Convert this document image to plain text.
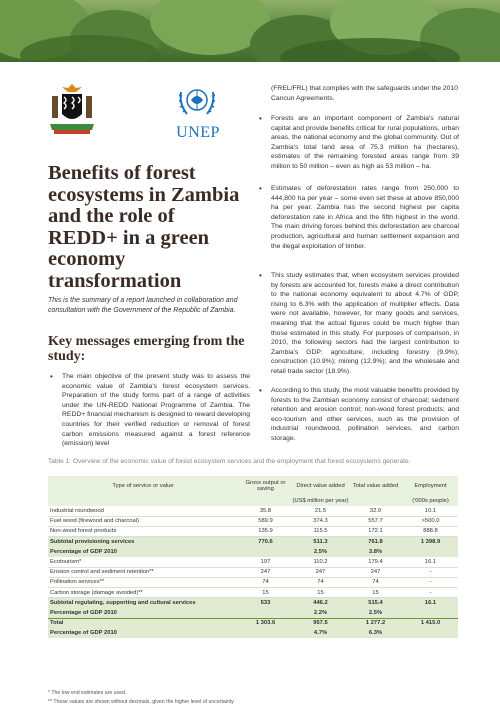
UNEP
Benefits of forest ecosystems in Zambia and the role of REDD+ in a green economy transformation
This is the summary of a report launched in collaboration and consultation with the Government of the Republic of Zambia.
Key messages emerging from the study:
• The main objective of the present study was to assess the economic value of Zambia's forest ecosystem services. Preparation of the study forms part of a range of activities under the UN-REDD National Programme of Zambia. The REDD+ financial mechanism is designed to reward developing countries for their verified reduction or removal of forest carbon emissions measured against a forest reference (emission) level
(FREL/FRL) that complies with the safeguards under the 2010 Cancun Agreements.
• Forests are an important component of Zambia's natural capital and provide benefits critical for rural populations, urban areas, the national economy and the global community. Out of Zambia's total land area of 75.3 million ha (hectares), estimates of the remaining forested areas range from 39 million to 50 million – even as high as 53 million – ha.
• Estimates of deforestation rates range from 250,000 to 444,800 ha per year – some even set these at above 850,000 ha per year. Zambia has the second highest per capita deforestation rate in Africa and the fifth highest in the world. The main driving forces behind this deforestation are charcoal production, agricultural and human settlement expansion and the illegal exploitation of timber.
• This study estimates that, when ecosystem services provided by forests are accounted for, forests make a direct contribution to the national economy equivalent to about 4.7% of GDP, rising to 6.3% with the application of multiplier effects. Data were not available, however, for many goods and services, meaning that the actual figures could be much higher than those estimated in this study. For purposes of comparison, in 2010, the following sectors had the largest contribution to Zambia's GDP: agriculture, including forestry (9.9%); construction (10.9%); mining (12.9%); and the wholesale and retail trade sector (18.9%).
• According to this study, the most valuable benefits provided by forests to the Zambian economy consist of charcoal; sediment retention and erosion control; non-wood forest products; and eco-tourism and other services, such as the provision of industrial roundwood, pollination services, and carbon storage.
Table 1: Overview of the economic value of forest ecosystem services and the employment that forest ecosystems generate.
Type of service or value	Gross output or saving	Direct value added	Total value added	Employment
	(US$ million per year)			('000s people)
Industrial roundwood	35.8	21.5	32.0	10.1
Fuel wood (firewood and charcoal)	589.9	374.3	557.7	>500.0
Non-wood forest products	135.9	115.5	172.1	888.8
Subtotal provisioning services	770.6	511.3	761.8	1 398.9
Percentage of GDP 2010		2.5%	3.8%	
Ecotourism*	197	110.2	179.4	16.1
Erosion control and sediment retention**	247	247	247	-
Pollination services**	74	74	74	-
Carbon storage (damage avoided)**	15	15	15	-
Subtotal regulating, supporting and cultural services	533	446.2	515.4	16.1
Percentage of GDP 2010		2.2%	2.5%	
Total	1 303.6	957.5	1 277.2	1 415.0
Percentage of GDP 2010		4.7%	6.3%	
* The low end estimates are used.
** These values are shown without decimals, given the higher level of uncertainty
